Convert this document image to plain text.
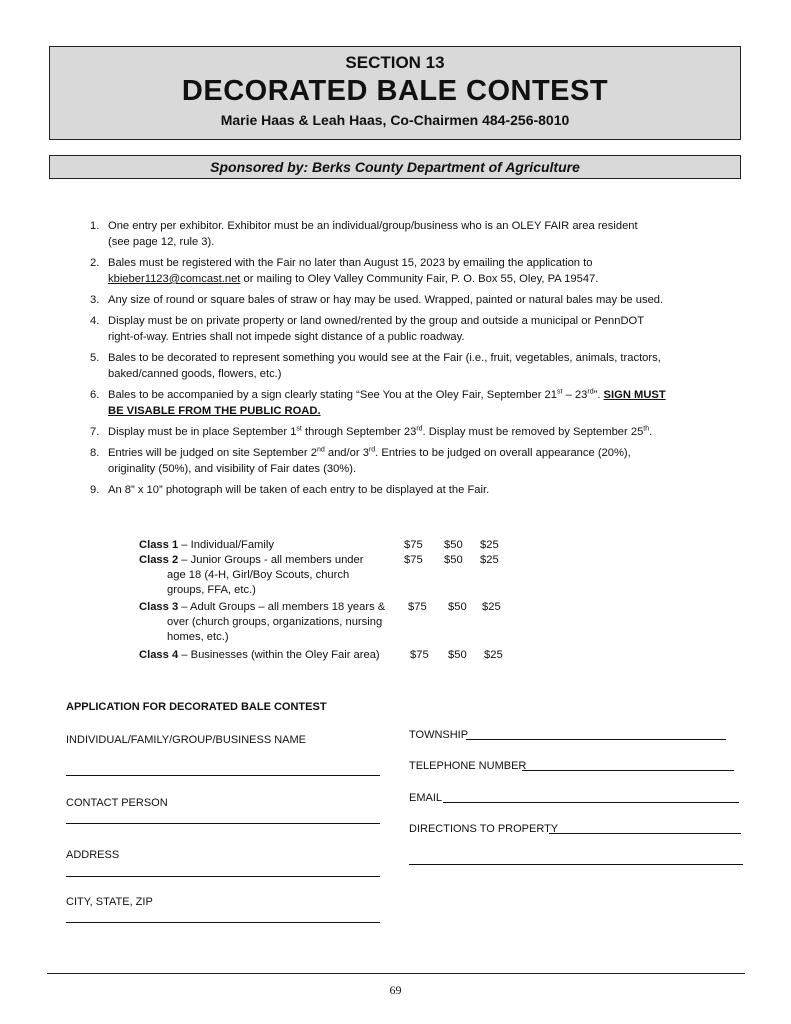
SECTION 13
DECORATED BALE CONTEST
Marie Haas & Leah Haas, Co-Chairmen 484-256-8010
Sponsored by: Berks County Department of Agriculture
1. One entry per exhibitor. Exhibitor must be an individual/group/business who is an OLEY FAIR area resident
(see page 12, rule 3).
2. Bales must be registered with the Fair no later than August 15, 2023 by emailing the application to
kbieber1123@comcast.net or mailing to Oley Valley Community Fair, P. O. Box 55, Oley, PA 19547.
3. Any size of round or square bales of straw or hay may be used. Wrapped, painted or natural bales may be used.
4. Display must be on private property or land owned/rented by the group and outside a municipal or PennDOT
right-of-way. Entries shall not impede sight distance of a public roadway.
5. Bales to be decorated to represent something you would see at the Fair (i.e., fruit, vegetables, animals, tractors,
baked/canned goods, flowers, etc.)
6. Bales to be accompanied by a sign clearly stating “See You at the Oley Fair, September 21st – 23rd”. SIGN MUST
BE VISABLE FROM THE PUBLIC ROAD.
7. Display must be in place September 1st through September 23rd. Display must be removed by September 25th.
8. Entries will be judged on site September 2nd and/or 3rd. Entries to be judged on overall appearance (20%),
originality (50%), and visibility of Fair dates (30%).
9. An 8” x 10” photograph will be taken of each entry to be displayed at the Fair.
Class 1 – Individual/Family	$75 $50 $25
Class 2 – Junior Groups - all members under
age 18 (4-H, Girl/Boy Scouts, church
groups, FFA, etc.)
$75 $50 $25
Class 3 – Adult Groups – all members 18 years &
over (church groups, organizations, nursing
homes, etc.)
$75 $50 $25
Class 4 – Businesses (within the Oley Fair area)	$75 $50 $25
APPLICATION FOR DECORATED BALE CONTEST
INDIVIDUAL/FAMILY/GROUP/BUSINESS NAME
CONTACT PERSON
ADDRESS
CITY, STATE, ZIP
TOWNSHIP
TELEPHONE NUMBER
EMAIL
DIRECTIONS TO PROPERTY
69
